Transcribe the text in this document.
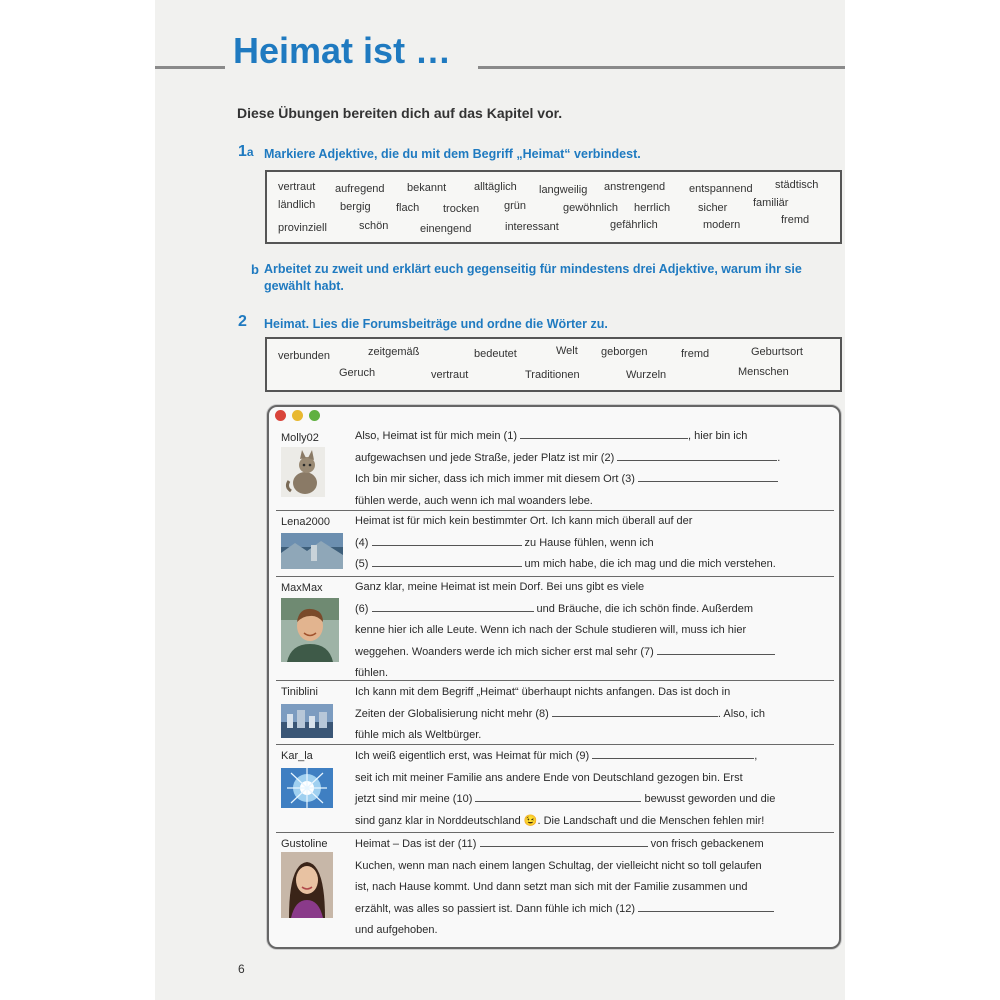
Heimat ist …
Diese Übungen bereiten dich auf das Kapitel vor.
1a Markiere Adjektive, die du mit dem Begriff „Heimat“ verbindest.
vertraut aufregend bekannt	alltäglich langweilig anstrengend entspannend städtisch
ländlich bergig flach trocken grün	gewöhnlich herrlich	sicher familiär
fremd
provinziell	schön	einengend	interessant	gefährlich	modern
b Arbeitet zu zweit und erklärt euch gegenseitig für mindestens drei Adjektive, warum ihr sie
gewählt habt.
2 Heimat. Lies die Forumsbeiträge und ordne die Wörter zu.
verbunden	zeitgemäß	bedeutet	Welt geborgen	fremd	Geburtsort
Geruch	vertraut	Traditionen	Wurzeln	Menschen
Molly02	Also, Heimat ist für mich mein (1)	, hier bin ich
aufgewachsen und jede Straße, jeder Platz ist mir (2)	.
Ich bin mir sicher, dass ich mich immer mit diesem Ort (3)
fühlen werde, auch wenn ich mal woanders lebe.
Lena2000 Heimat ist für mich kein bestimmter Ort. Ich kann mich überall auf der
(4)	zu Hause fühlen, wenn ich
(5)	um mich habe, die ich mag und die mich verstehen.
MaxMax	Ganz klar, meine Heimat ist mein Dorf. Bei uns gibt es viele
(6)	und Bräuche, die ich schön finde. Außerdem
kenne hier ich alle Leute. Wenn ich nach der Schule studieren will, muss ich hier
weggehen. Woanders werde ich mich sicher erst mal sehr (7)
fühlen.
Tiniblini	Ich kann mit dem Begriff „Heimat“ überhaupt nichts anfangen. Das ist doch in
Zeiten der Globalisierung nicht mehr (8)	. Also, ich
fühle mich als Weltbürger.
Kar_la	Ich weiß eigentlich erst, was Heimat für mich (9)	,
seit ich mit meiner Familie ans andere Ende von Deutschland gezogen bin. Erst
jetzt sind mir meine (10)	bewusst geworden und die
sind ganz klar in Norddeutschland 😉. Die Landschaft und die Menschen fehlen mir!
Gustoline	Heimat – Das ist der (11)	von frisch gebackenem
Kuchen, wenn man nach einem langen Schultag, der vielleicht nicht so toll gelaufen
ist, nach Hause kommt. Und dann setzt man sich mit der Familie zusammen und
erzählt, was alles so passiert ist. Dann fühle ich mich (12)
und aufgehoben.
6
